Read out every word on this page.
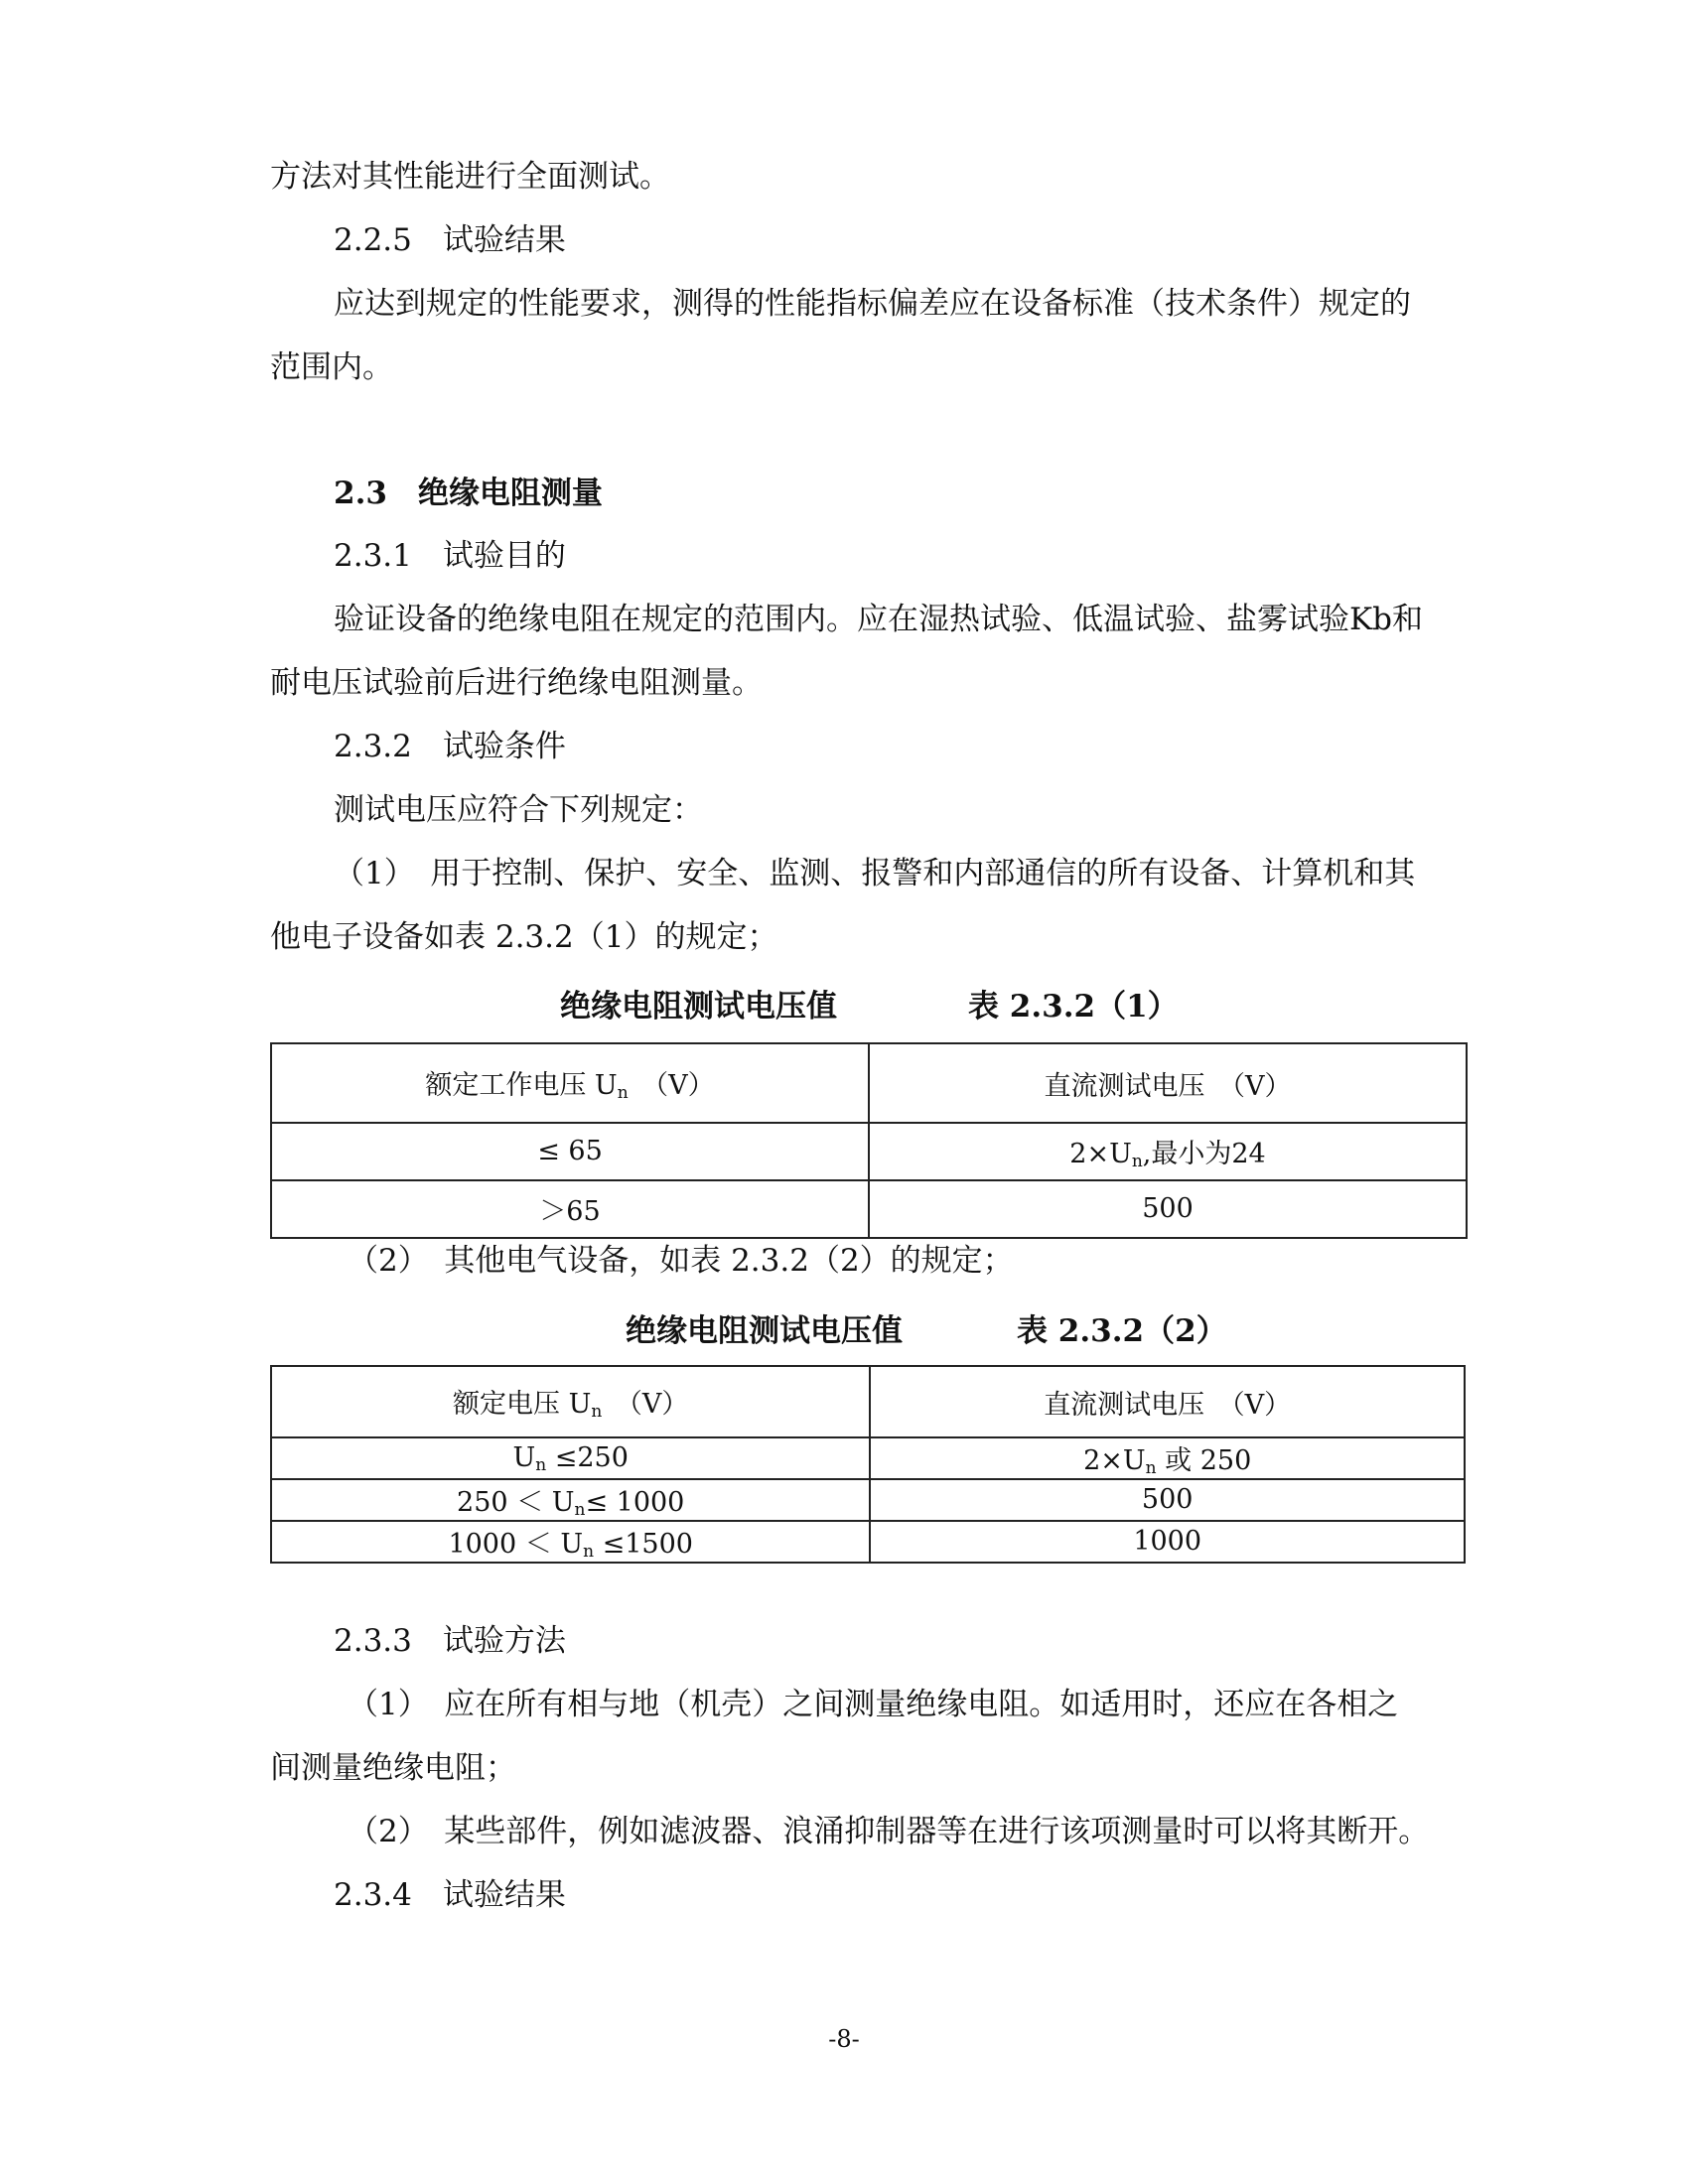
方法对其性能进行全面测试。
2.2.5　试验结果
应达到规定的性能要求，测得的性能指标偏差应在设备标准（技术条件）规定的
范围内。
2.3　绝缘电阻测量
2.3.1　试验目的
验证设备的绝缘电阻在规定的范围内。应在湿热试验、低温试验、盐雾试验Kb和
耐电压试验前后进行绝缘电阻测量。
2.3.2　试验条件
测试电压应符合下列规定：
（1）　用于控制、保护、安全、监测、报警和内部通信的所有设备、计算机和其
他电子设备如表 2.3.2（1）的规定；
绝缘电阻测试电压值	表 2.3.2（1）
额定工作电压 $U_n$　（V）	直流测试电压　（V）
≤ 65	$2\times U_n$,最小为24
＞65	500
（2）　其他电气设备，如表 2.3.2（2）的规定；
绝缘电阻测试电压值	表 2.3.2（2）
额定电压 $U_n$　（V）	直流测试电压　（V）
$U_n \le 250$	$2\times U_n$ 或 250
$250 < U_n\le 1000$	500
$1000 < U_n \le 1500$	1000
2.3.3　试验方法
（1）　应在所有相与地（机壳）之间测量绝缘电阻。如适用时，还应在各相之
间测量绝缘电阻；
（2）　某些部件，例如滤波器、浪涌抑制器等在进行该项测量时可以将其断开。
2.3.4　试验结果
-8-
